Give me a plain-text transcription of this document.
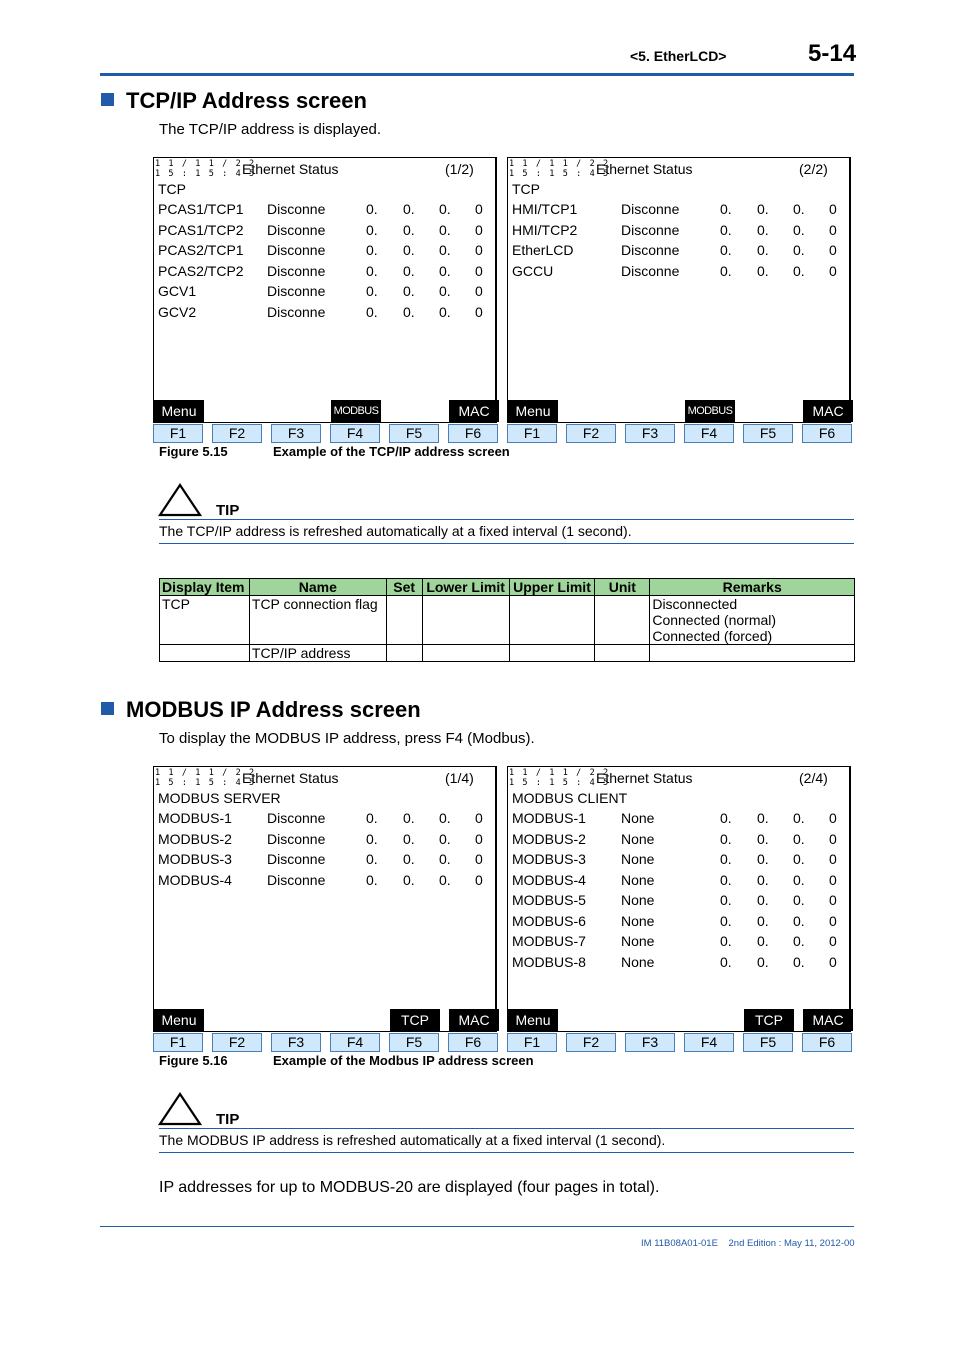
<5. EtherLCD>	5-14
TCP/IP Address screen
The TCP/IP address is displayed.
1 1 / 1 1 / 2 2
1 5 : 1 5 : 4 5
Ethernet Status	(1/2)
TCP
PCAS1/TCP1 Disconne	0. 0. 0. 0
PCAS1/TCP2 Disconne	0. 0. 0. 0
PCAS2/TCP1 Disconne	0. 0. 0. 0
PCAS2/TCP2 Disconne	0. 0. 0. 0
GCV1	Disconne	0. 0. 0. 0
GCV2	Disconne	0. 0. 0. 0
Menu	MODBUS	MAC
F1	F2	F3	F4	F5	F6
1 1 / 1 1 / 2 2
1 5 : 1 5 : 4 5
Ethernet Status	(2/2)
TCP
HMI/TCP1	Disconne	0. 0. 0. 0
HMI/TCP2	Disconne	0. 0. 0. 0
EtherLCD	Disconne	0. 0. 0. 0
GCCU	Disconne	0. 0. 0. 0
Menu	MODBUS	MAC
F1	F2	F3	F4	F5	F6
Figure 5.15	Example of the TCP/IP address screen
TIP
The TCP/IP address is refreshed automatically at a fixed interval (1 second).
Display Item	Name	Set	Lower Limit	Upper Limit	Unit	Remarks
TCP	TCP connection flag					Disconnected
Connected (normal)
Connected (forced)

	TCP/IP address					
MODBUS IP Address screen
To display the MODBUS IP address, press F4 (Modbus).
1 1 / 1 1 / 2 2
1 5 : 1 5 : 4 5
Ethernet Status	(1/4)
MODBUS SERVER
MODBUS-1	Disconne	0. 0. 0. 0
MODBUS-2	Disconne	0. 0. 0. 0
MODBUS-3	Disconne	0. 0. 0. 0
MODBUS-4	Disconne	0. 0. 0. 0
Menu	TCP	MAC
F1	F2	F3	F4	F5	F6
1 1 / 1 1 / 2 2
1 5 : 1 5 : 4 5
Ethernet Status	(2/4)
MODBUS CLIENT
MODBUS-1	None	0. 0. 0. 0
MODBUS-2	None	0. 0. 0. 0
MODBUS-3	None	0. 0. 0. 0
MODBUS-4	None	0. 0. 0. 0
MODBUS-5	None	0. 0. 0. 0
MODBUS-6	None	0. 0. 0. 0
MODBUS-7	None	0. 0. 0. 0
MODBUS-8	None	0. 0. 0. 0
Menu	TCP	MAC
F1	F2	F3	F4	F5	F6
Figure 5.16	Example of the Modbus IP address screen
TIP
The MODBUS IP address is refreshed automatically at a fixed interval (1 second).
IP addresses for up to MODBUS-20 are displayed (four pages in total).
IM 11B08A01-01E 2nd Edition : May 11, 2012-00
